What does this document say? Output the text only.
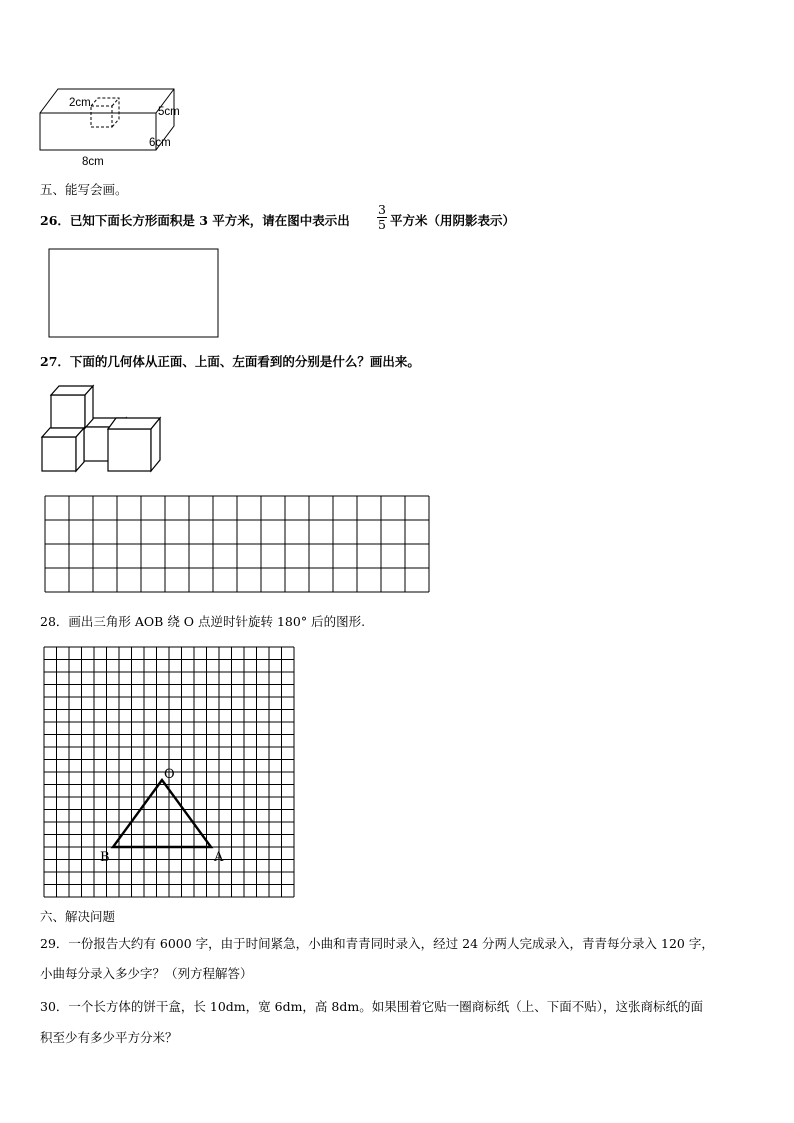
2cm
5cm
6cm
8cm
五、能写会画。
26．已知下面长方形面积是 3 平方米，请在图中表示出
3
5 平方米（用阴影表示）
27．下面的几何体从正面、上面、左面看到的分别是什么？画出来。
28．画出三角形 AOB 绕 O 点逆时针旋转 180° 后的图形.
O
B	A
六、解决问题
29．一份报告大约有 6000 字，由于时间紧急，小曲和青青同时录入，经过 24 分两人完成录入，青青每分录入 120 字，
小曲每分录入多少字？（列方程解答）
30．一个长方体的饼干盒，长 10dm，宽 6dm，高 8dm。如果围着它贴一圈商标纸（上、下面不贴），这张商标纸的面
积至少有多少平方分米？
